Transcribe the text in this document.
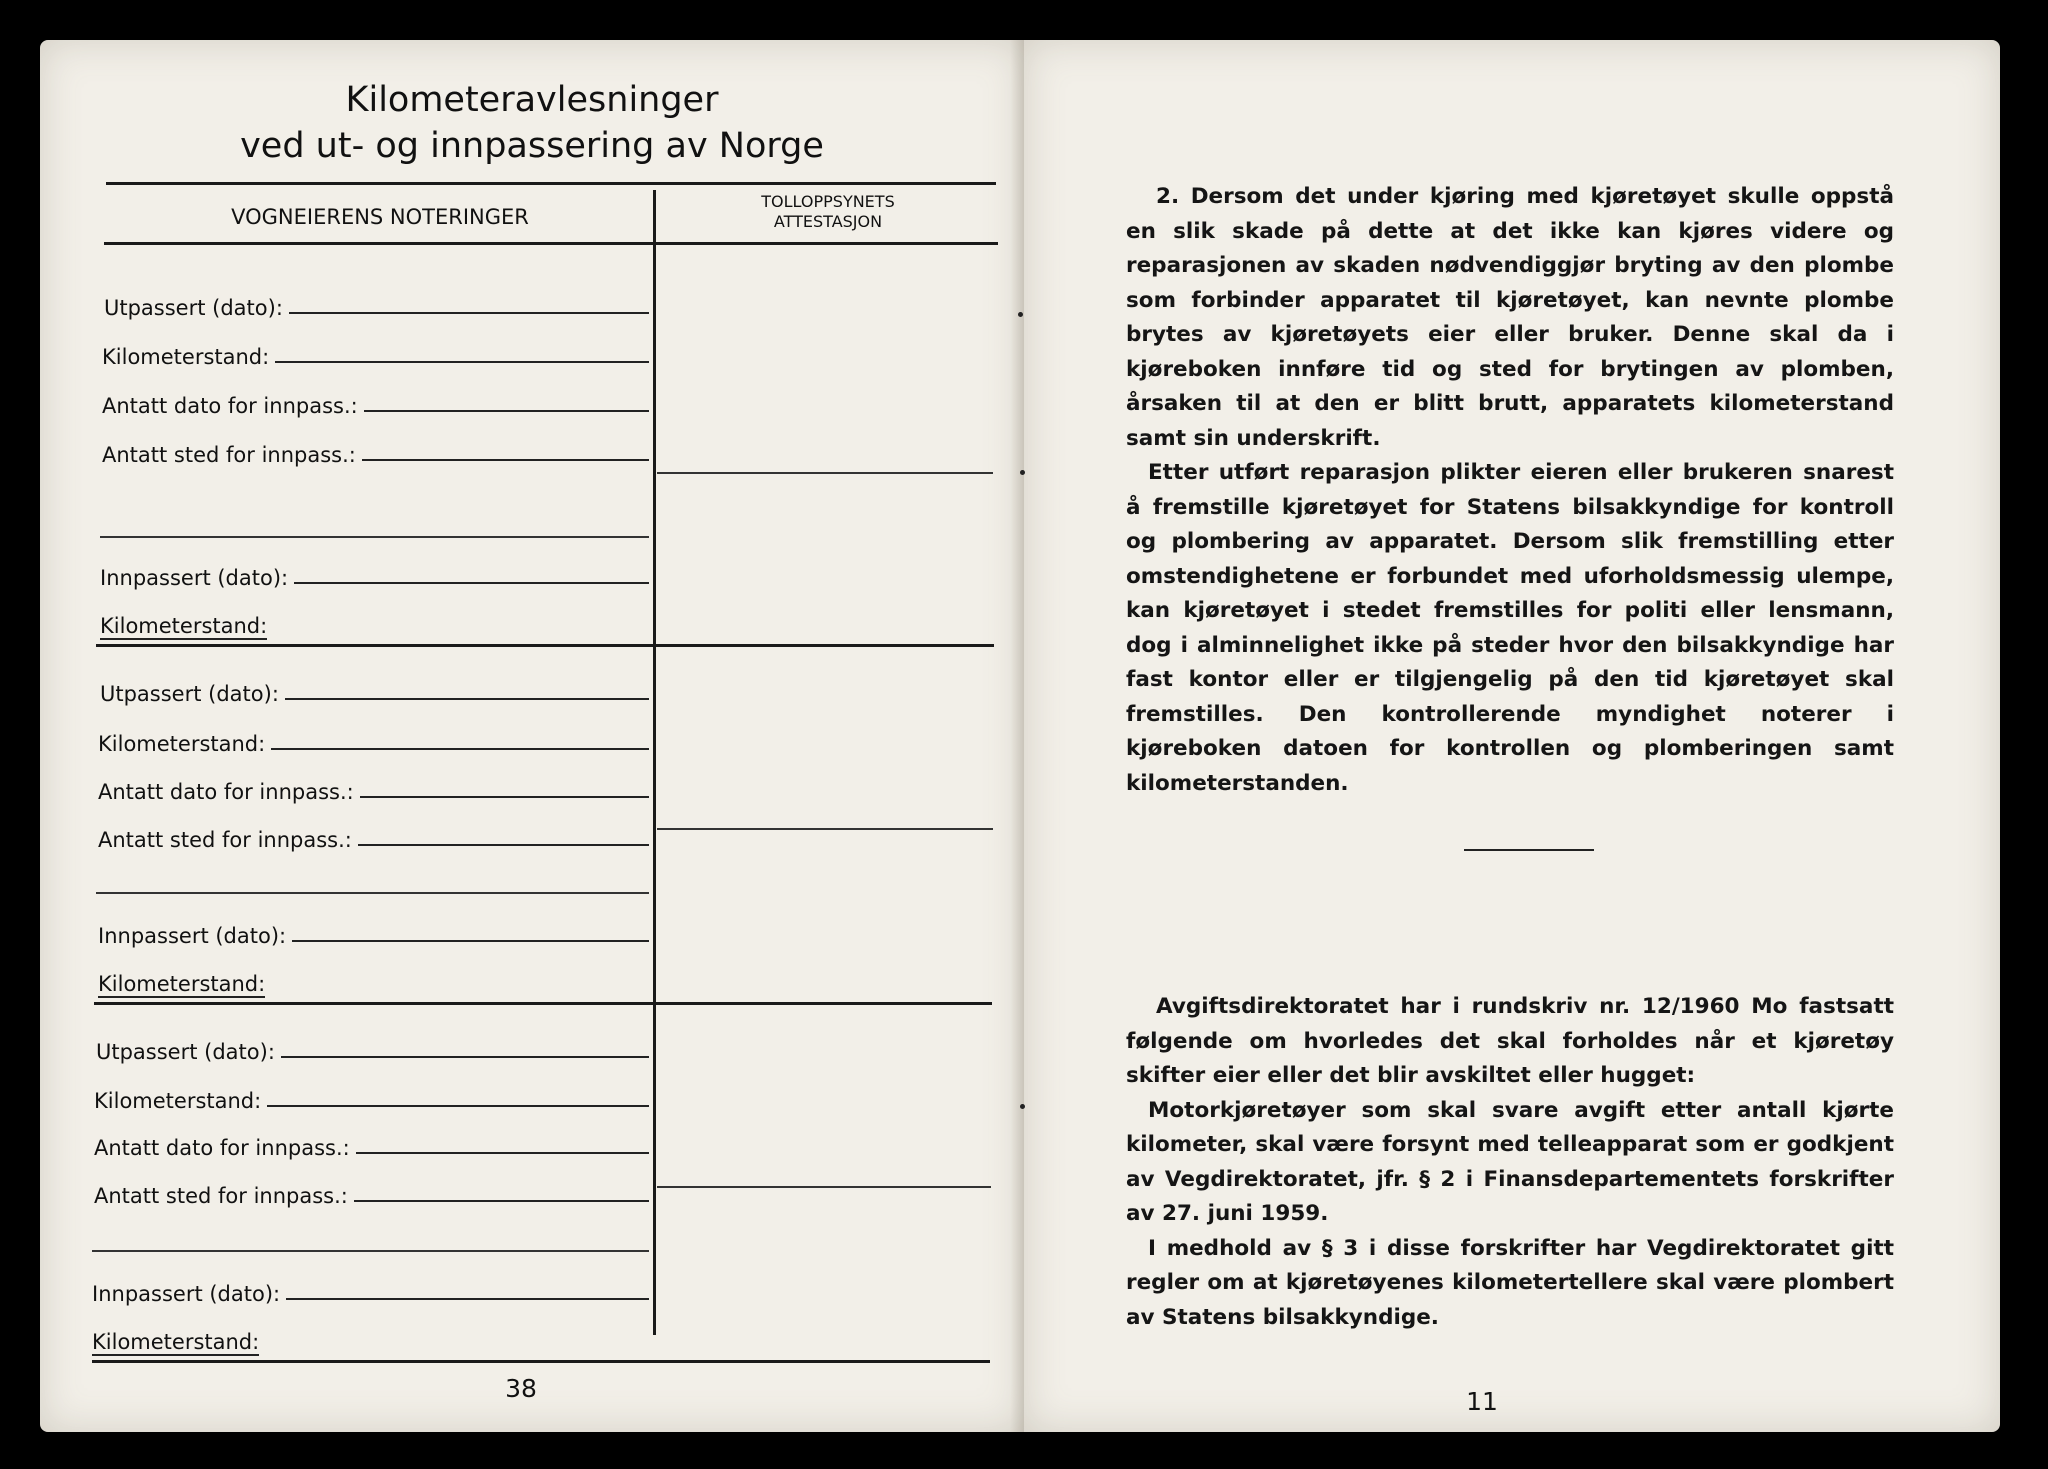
Kilometeravlesninger
ved ut- og innpassering av Norge
VOGNEIERENS NOTERINGER
TOLLOPPSYNETS
ATTESTASJON
Utpassert (dato):
Kilometerstand:
Antatt dato for innpass.:
Antatt sted for innpass.:
Innpassert (dato):
Kilometerstand:
Utpassert (dato):
Kilometerstand:
Antatt dato for innpass.:
Antatt sted for innpass.:
Innpassert (dato):
Kilometerstand:
Utpassert (dato):
Kilometerstand:
Antatt dato for innpass.:
Antatt sted for innpass.:
Innpassert (dato):
Kilometerstand:
38

2. Dersom det under kjøring med kjøretøyet skulle oppstå en slik skade på dette at det ikke kan kjøres videre og reparasjonen av skaden nødvendiggjør bryting av den plombe som forbinder apparatet til kjøretøyet, kan nevnte plombe brytes av kjøretøyets eier eller bruker. Denne skal da i kjøreboken innføre tid og sted for brytingen av plomben, årsaken til at den er blitt brutt, apparatets kilometerstand samt sin underskrift.

Etter utført reparasjon plikter eieren eller brukeren snarest å fremstille kjøretøyet for Statens bilsakkyndige for kontroll og plombering av apparatet. Dersom slik fremstilling etter omstendighetene er forbundet med uforholdsmessig ulempe, kan kjøretøyet i stedet fremstilles for politi eller lensmann, dog i alminnelighet ikke på steder hvor den bilsakkyndige har fast kontor eller er tilgjengelig på den tid kjøretøyet skal fremstilles. Den kontrollerende myndighet noterer i kjøreboken datoen for kontrollen og plomberingen samt kilometerstanden.

Avgiftsdirektoratet har i rundskriv nr. 12/1960 Mo fastsatt følgende om hvorledes det skal forholdes når et kjøretøy skifter eier eller det blir avskiltet eller hugget:

Motorkjøretøyer som skal svare avgift etter antall kjørte kilometer, skal være forsynt med telleapparat som er godkjent av Vegdirektoratet, jfr. § 2 i Finansdepartementets forskrifter av 27. juni 1959.

I medhold av § 3 i disse forskrifter har Vegdirektoratet gitt regler om at kjøretøyenes kilometertellere skal være plombert av Statens bilsakkyndige.

11
